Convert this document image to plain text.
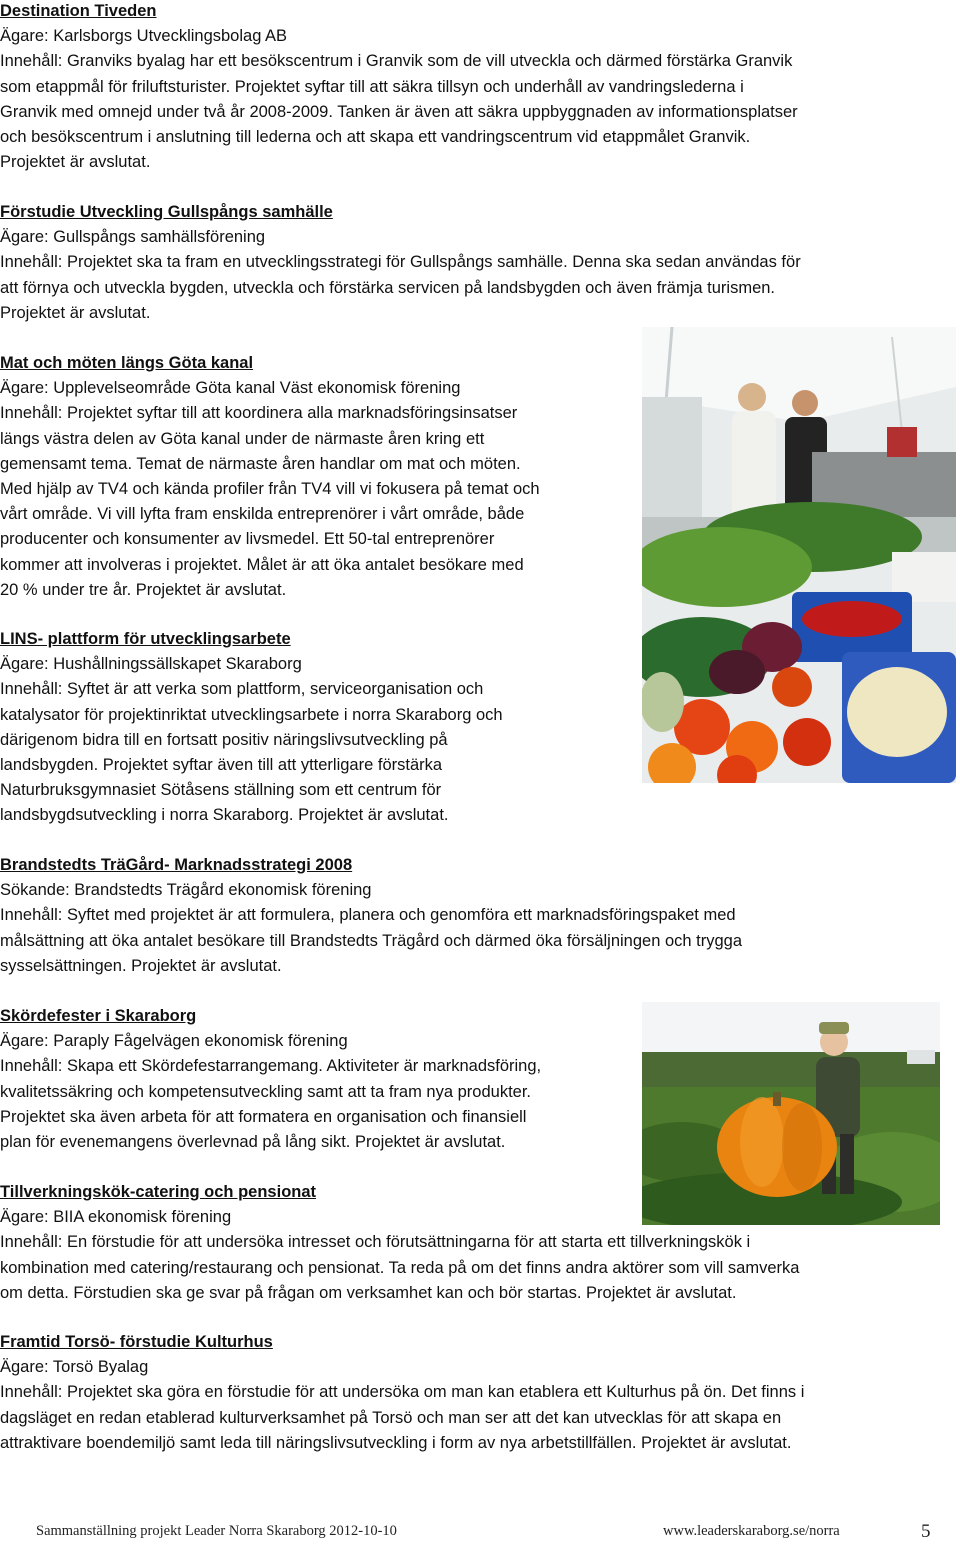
Destination Tiveden

Ägare: Karlsborgs Utvecklingsbolag AB

Innehåll: Granviks byalag har ett besökscentrum i Granvik som de vill utveckla och därmed förstärka Granvik

som etappmål för friluftsturister. Projektet syftar till att säkra tillsyn och underhåll av vandringslederna i

Granvik med omnejd under två år 2008-2009. Tanken är även att säkra uppbyggnaden av informationsplatser

och besökscentrum i anslutning till lederna och att skapa ett vandringscentrum vid etappmålet Granvik.

Projektet är avslutat.

Förstudie Utveckling Gullspångs samhälle

Ägare: Gullspångs samhällsförening

Innehåll: Projektet ska ta fram en utvecklingsstrategi för Gullspångs samhälle. Denna ska sedan användas för

att förnya och utveckla bygden, utveckla och förstärka servicen på landsbygden och även främja turismen.

Projektet är avslutat.

Mat och möten längs Göta kanal

Ägare: Upplevelseområde Göta kanal Väst ekonomisk förening

Innehåll: Projektet syftar till att koordinera alla marknadsföringsinsatser

längs västra delen av Göta kanal under de närmaste åren kring ett

gemensamt tema. Temat de närmaste åren handlar om mat och möten.

Med hjälp av TV4 och kända profiler från TV4 vill vi fokusera på temat och

vårt område. Vi vill lyfta fram enskilda entreprenörer i vårt område, både

producenter och konsumenter av livsmedel. Ett 50-tal entreprenörer

kommer att involveras i projektet. Målet är att öka antalet besökare med

20 % under tre år. Projektet är avslutat.

LINS- plattform för utvecklingsarbete

Ägare: Hushållningssällskapet Skaraborg

Innehåll: Syftet är att verka som plattform, serviceorganisation och

katalysator för projektinriktat utvecklingsarbete i norra Skaraborg och

därigenom bidra till en fortsatt positiv näringslivsutveckling på

landsbygden. Projektet syftar även till att ytterligare förstärka

Naturbruksgymnasiet Sötåsens ställning som ett centrum för

landsbygdsutveckling i norra Skaraborg. Projektet är avslutat.

Brandstedts TräGård- Marknadsstrategi 2008

Sökande: Brandstedts Trägård ekonomisk förening

Innehåll: Syftet med projektet är att formulera, planera och genomföra ett marknadsföringspaket med

målsättning att öka antalet besökare till Brandstedts Trägård och därmed öka försäljningen och trygga

sysselsättningen. Projektet är avslutat.

Skördefester i Skaraborg

Ägare: Paraply Fågelvägen ekonomisk förening

Innehåll: Skapa ett Skördefestarrangemang. Aktiviteter är marknadsföring,

kvalitetssäkring och kompetensutveckling samt att ta fram nya produkter.

Projektet ska även arbeta för att formatera en organisation och finansiell

plan för evenemangens överlevnad på lång sikt. Projektet är avslutat.

Tillverkningskök-catering och pensionat

Ägare: BIIA ekonomisk förening

Innehåll: En förstudie för att undersöka intresset och förutsättningarna för att starta ett tillverkningskök i

kombination med catering/restaurang och pensionat. Ta reda på om det finns andra aktörer som vill samverka

om detta. Förstudien ska ge svar på frågan om verksamhet kan och bör startas. Projektet är avslutat.

Framtid Torsö- förstudie Kulturhus

Ägare: Torsö Byalag

Innehåll: Projektet ska göra en förstudie för att undersöka om man kan etablera ett Kulturhus på ön. Det finns i

dagsläget en redan etablerad kulturverksamhet på Torsö och man ser att det kan utvecklas för att skapa en

attraktivare boendemiljö samt leda till näringslivsutveckling i form av nya arbetstillfällen. Projektet är avslutat.

Sammanställning projekt Leader Norra Skaraborg 2012-10-10	www.leaderskaraborg.se/norra	5
